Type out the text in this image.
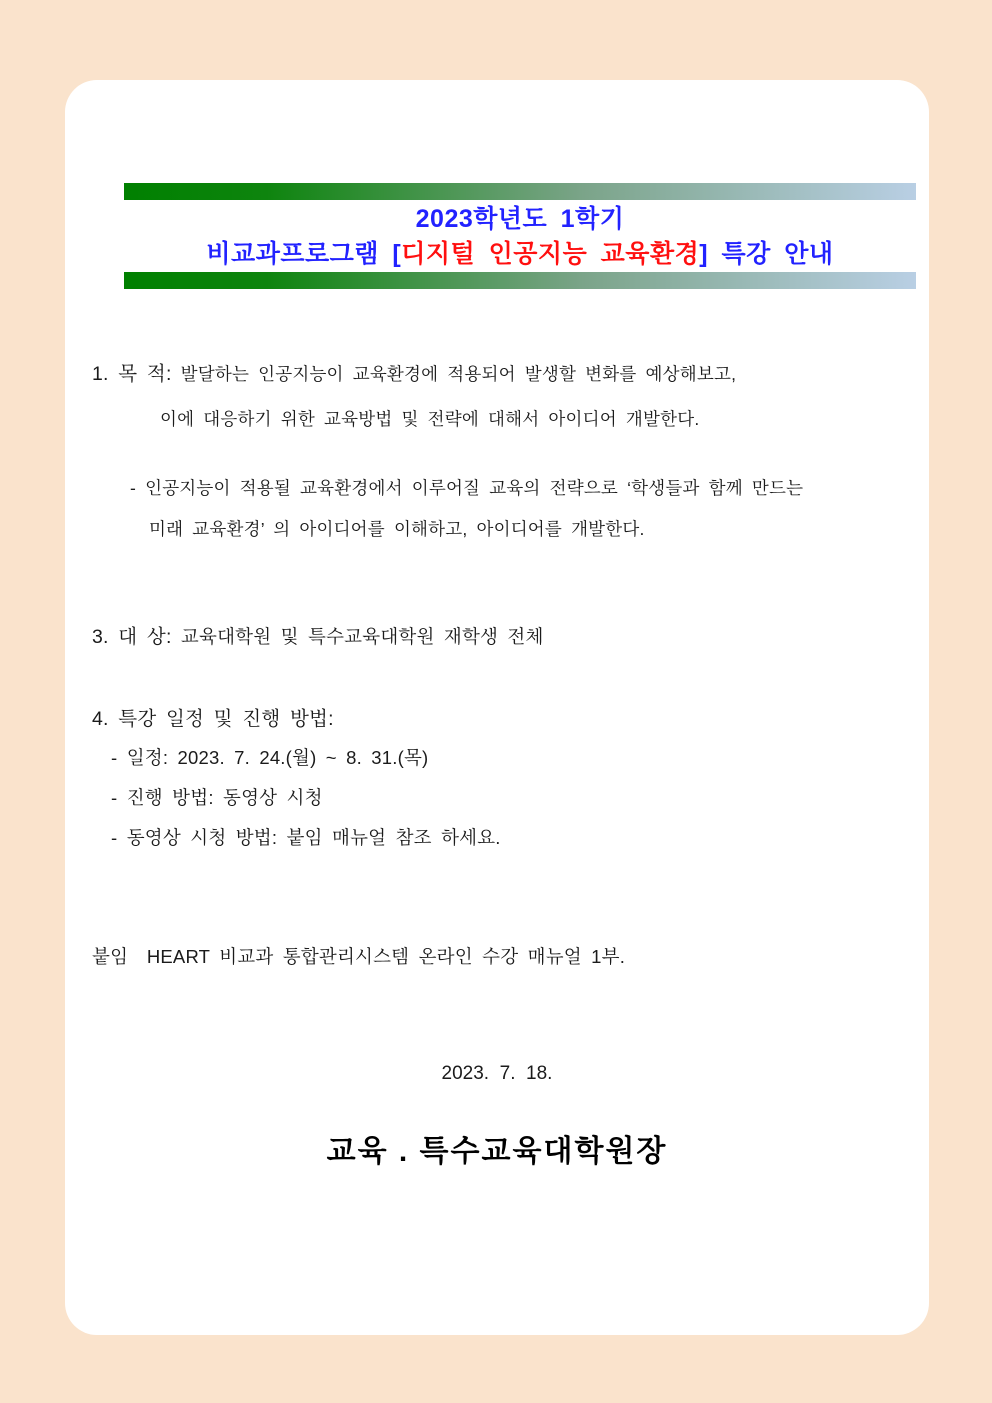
2023학년도 1학기
비교과프로그램 [디지털 인공지능 교육환경] 특강 안내
1. 목 적: 발달하는 인공지능이 교육환경에 적용되어 발생할 변화를 예상해보고,
이에 대응하기 위한 교육방법 및 전략에 대해서 아이디어 개발한다.
- 인공지능이 적용될 교육환경에서 이루어질 교육의 전략으로 ‘학생들과 함께 만드는
미래 교육환경’ 의 아이디어를 이해하고, 아이디어를 개발한다.
3. 대 상: 교육대학원 및 특수교육대학원 재학생 전체
4. 특강 일정 및 진행 방법:
- 일정: 2023. 7. 24.(월) ~ 8. 31.(목)
- 진행 방법: 동영상 시청
- 동영상 시청 방법: 붙임 매뉴얼 참조 하세요.
붙임  HEART 비교과 통합관리시스템 온라인 수강 매뉴얼 1부.
2023.  7.  18.
교육 . 특수교육대학원장
